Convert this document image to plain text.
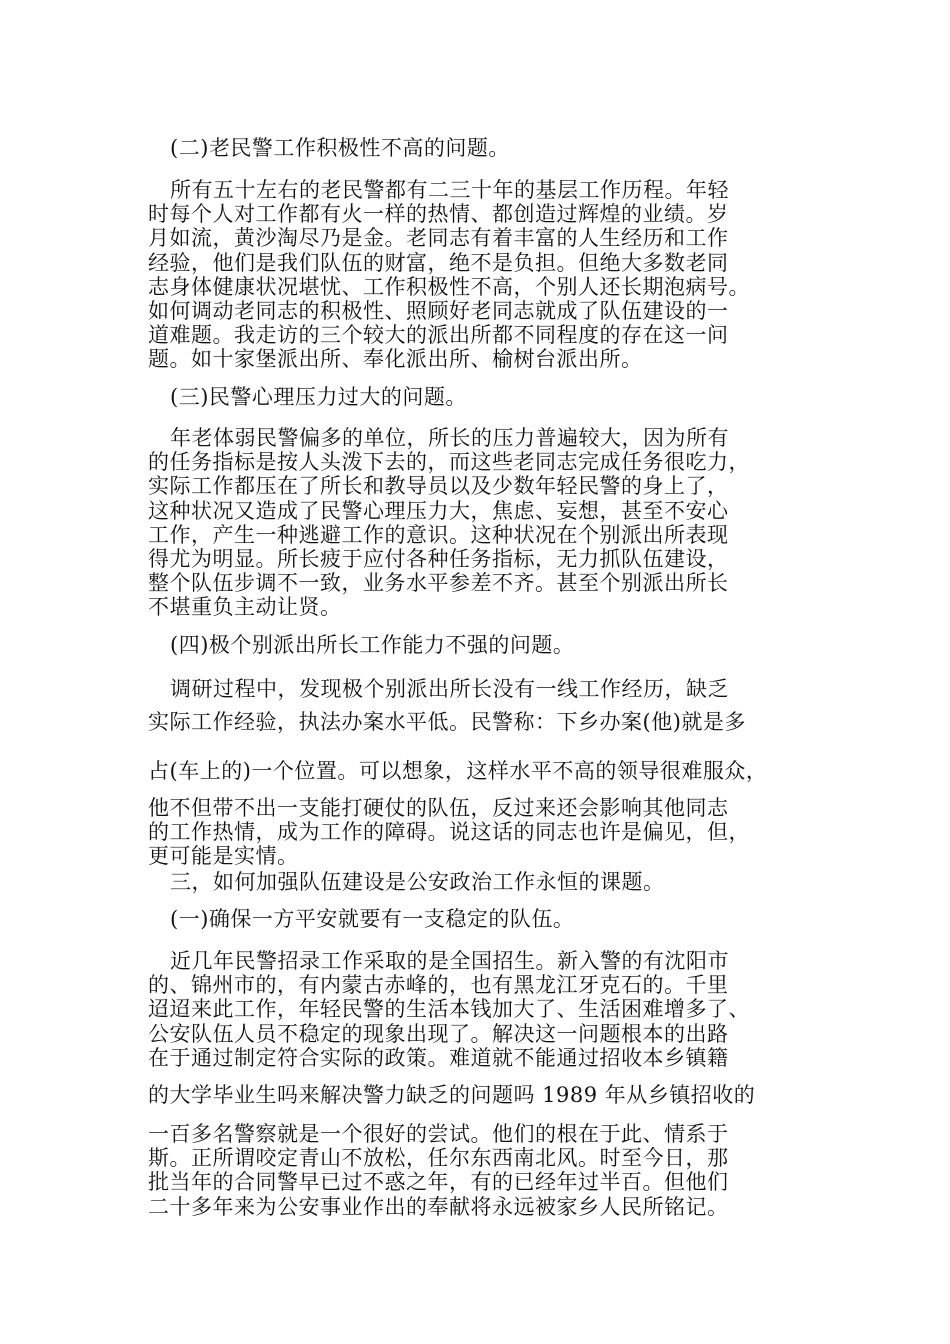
(二)老民警工作积极性不高的问题。
所有五十左右的老民警都有二三十年的基层工作历程。年轻
时每个人对工作都有火一样的热情、都创造过辉煌的业绩。岁
月如流，黄沙淘尽乃是金。老同志有着丰富的人生经历和工作
经验，他们是我们队伍的财富，绝不是负担。但绝大多数老同
志身体健康状况堪忧、工作积极性不高，个别人还长期泡病号。
如何调动老同志的积极性、照顾好老同志就成了队伍建设的一
道难题。我走访的三个较大的派出所都不同程度的存在这一问
题。如十家堡派出所、奉化派出所、榆树台派出所。
(三)民警心理压力过大的问题。
年老体弱民警偏多的单位，所长的压力普遍较大，因为所有
的任务指标是按人头泼下去的，而这些老同志完成任务很吃力，
实际工作都压在了所长和教导员以及少数年轻民警的身上了，
这种状况又造成了民警心理压力大，焦虑、妄想，甚至不安心
工作，产生一种逃避工作的意识。这种状况在个别派出所表现
得尤为明显。所长疲于应付各种任务指标，无力抓队伍建设，
整个队伍步调不一致，业务水平参差不齐。甚至个别派出所长
不堪重负主动让贤。
(四)极个别派出所长工作能力不强的问题。
调研过程中，发现极个别派出所长没有一线工作经历，缺乏
实际工作经验，执法办案水平低。民警称：下乡办案(他)就是多
占(车上的)一个位置。可以想象，这样水平不高的领导很难服众，
他不但带不出一支能打硬仗的队伍，反过来还会影响其他同志
的工作热情，成为工作的障碍。说这话的同志也许是偏见，但，
更可能是实情。
三，如何加强队伍建设是公安政治工作永恒的课题。
(一)确保一方平安就要有一支稳定的队伍。
近几年民警招录工作采取的是全国招生。新入警的有沈阳市
的、锦州市的，有内蒙古赤峰的，也有黑龙江牙克石的。千里
迢迢来此工作，年轻民警的生活本钱加大了、生活困难增多了、
公安队伍人员不稳定的现象出现了。解决这一问题根本的出路
在于通过制定符合实际的政策。难道就不能通过招收本乡镇籍
的大学毕业生吗来解决警力缺乏的问题吗 1989 年从乡镇招收的
一百多名警察就是一个很好的尝试。他们的根在于此、情系于
斯。正所谓咬定青山不放松，任尔东西南北风。时至今日，那
批当年的合同警早已过不惑之年，有的已经年过半百。但他们
二十多年来为公安事业作出的奉献将永远被家乡人民所铭记。
